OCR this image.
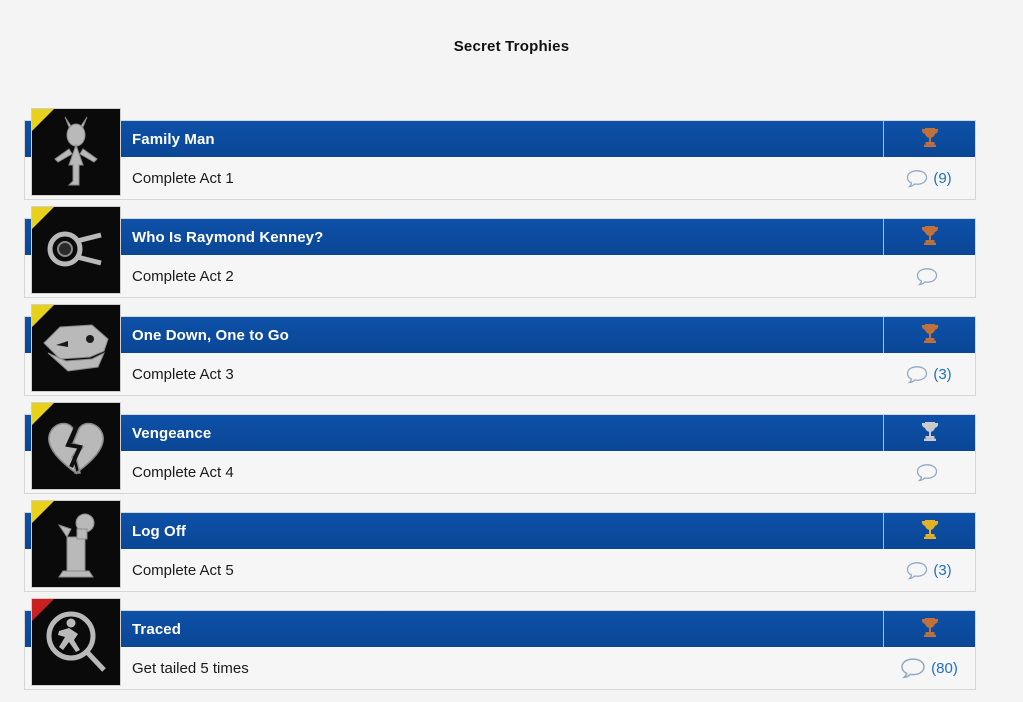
Secret Trophies
Family Man
Complete Act 1	(9)
Who Is Raymond Kenney?
Complete Act 2
One Down, One to Go
Complete Act 3	(3)
Vengeance
Complete Act 4
Log Off
Complete Act 5	(3)
Traced
Get tailed 5 times	(80)
